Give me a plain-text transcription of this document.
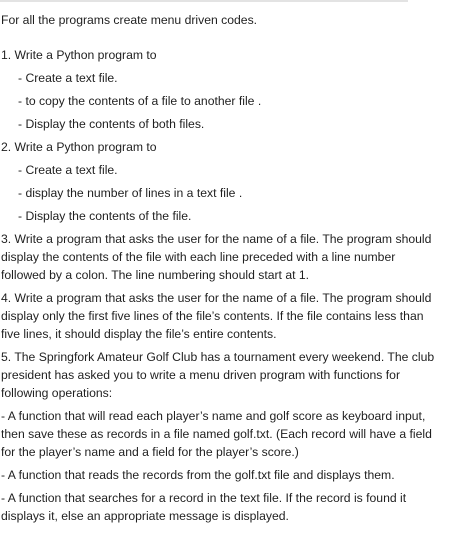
For all the programs create menu driven codes.
1. Write a Python program to
- Create a text file.
- to copy the contents of a file to another file .
- Display the contents of both files.
2. Write a Python program to
- Create a text file.
- display the number of lines in a text file .
- Display the contents of the file.
3. Write a program that asks the user for the name of a file. The program should
display the contents of the file with each line preceded with a line number
followed by a colon. The line numbering should start at 1.
4. Write a program that asks the user for the name of a file. The program should
display only the first five lines of the file’s contents. If the file contains less than
five lines, it should display the file’s entire contents.
5. The Springfork Amateur Golf Club has a tournament every weekend. The club
president has asked you to write a menu driven program with functions for
following operations:
- A function that will read each player’s name and golf score as keyboard input,
then save these as records in a file named golf.txt. (Each record will have a field
for the player’s name and a field for the player’s score.)
- A function that reads the records from the golf.txt file and displays them.
- A function that searches for a record in the text file. If the record is found it
displays it, else an appropriate message is displayed.
